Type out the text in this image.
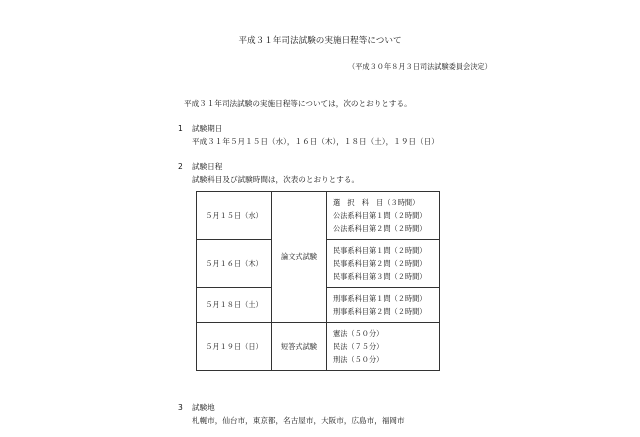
平成３１年司法試験の実施日程等について
（平成３０年８月３日司法試験委員会決定）
平成３１年司法試験の実施日程等については，次のとおりとする。
1 試験期日
平成３１年５月１５日（水），１６日（木），１８日（土），１９日（日）
2 試験日程
試験科目及び試験時間は，次表のとおりとする。
５月１５日（水）	論文式試験	選　択　科　目（３時間）
公法系科目第１問（２時間）
公法系科目第２問（２時間）

５月１６日（木）		民事系科目第１問（２時間）
民事系科目第２問（２時間）
民事系科目第３問（２時間）

５月１８日（土）		刑事系科目第１問（２時間）
刑事系科目第２問（２時間）

５月１９日（日）	短答式試験	憲法（５０分）
民法（７５分）
刑法（５０分）
3 試験地
札幌市，仙台市，東京都，名古屋市，大阪市，広島市，福岡市
